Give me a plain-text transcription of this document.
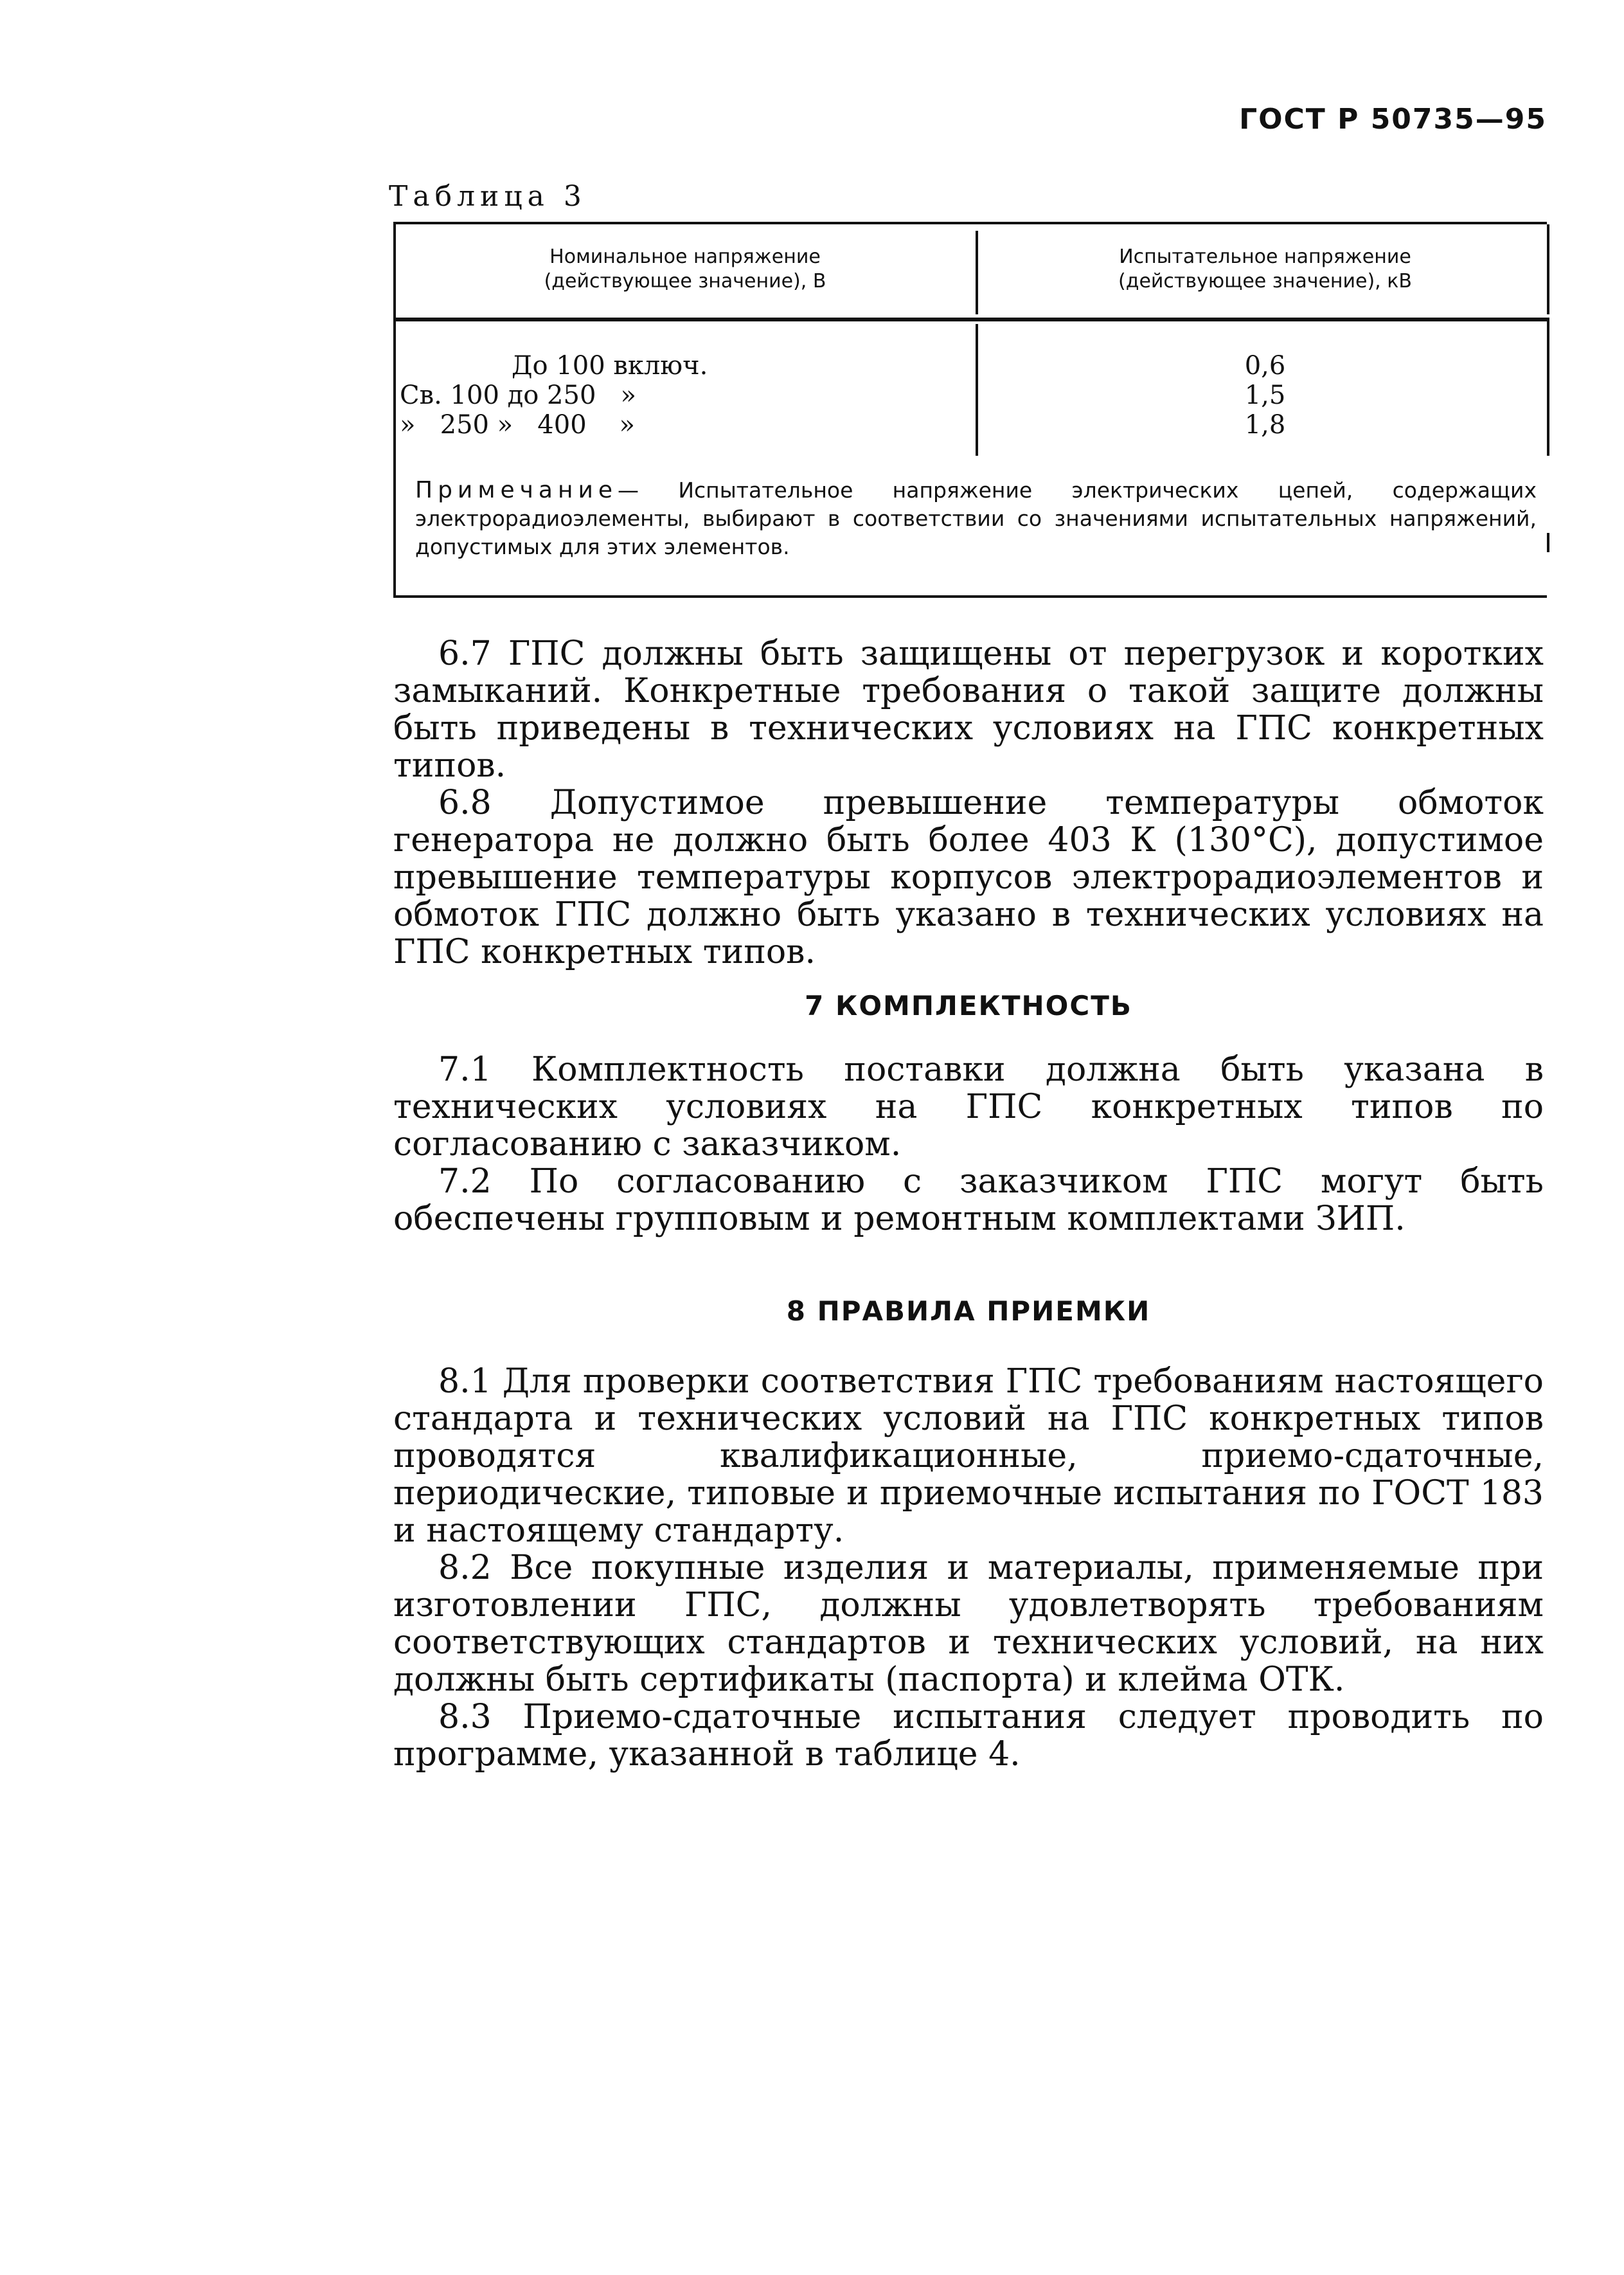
ГОСТ Р 50735—95
Таблица 3
Номинальное напряжение
(действующее значение), В
Испытательное напряжение
(действующее значение), кВ
До 100 включ.	0,6
Св. 100 до 250   »	1,5
»   250 »   400    »	1,8
Примечание— Испытательное напряжение электрических цепей, содержащих электрорадиоэлементы, выбирают в соответствии со значениями испытательных напряжений, допустимых для этих элементов.

6.7 ГПС должны быть защищены от перегрузок и коротких замыканий. Конкретные требования о такой защите должны быть приведены в технических условиях на ГПС конкретных типов.

6.8 Допустимое превышение температуры обмоток генератора не должно быть более 403 К (130°С), допустимое превышение температуры корпусов электрорадиоэлементов и обмоток ГПС должно быть указано в технических условиях на ГПС конкретных типов.

7 КОМПЛЕКТНОСТЬ

7.1 Комплектность поставки должна быть указана в технических условиях на ГПС конкретных типов по согласованию с заказчиком.

7.2 По согласованию с заказчиком ГПС могут быть обеспечены групповым и ремонтным комплектами ЗИП.

8 ПРАВИЛА ПРИЕМКИ

8.1 Для проверки соответствия ГПС требованиям настоящего стандарта и технических условий на ГПС конкретных типов проводятся квалификационные, приемо-сдаточные, периодические, типовые и приемочные испытания по ГОСТ 183 и настоящему стандарту.

8.2 Все покупные изделия и материалы, применяемые при изготовлении ГПС, должны удовлетворять требованиям соответствующих стандартов и технических условий, на них должны быть сертификаты (паспорта) и клейма ОТК.

8.3 Приемо-сдаточные испытания следует проводить по программе, указанной в таблице 4.
